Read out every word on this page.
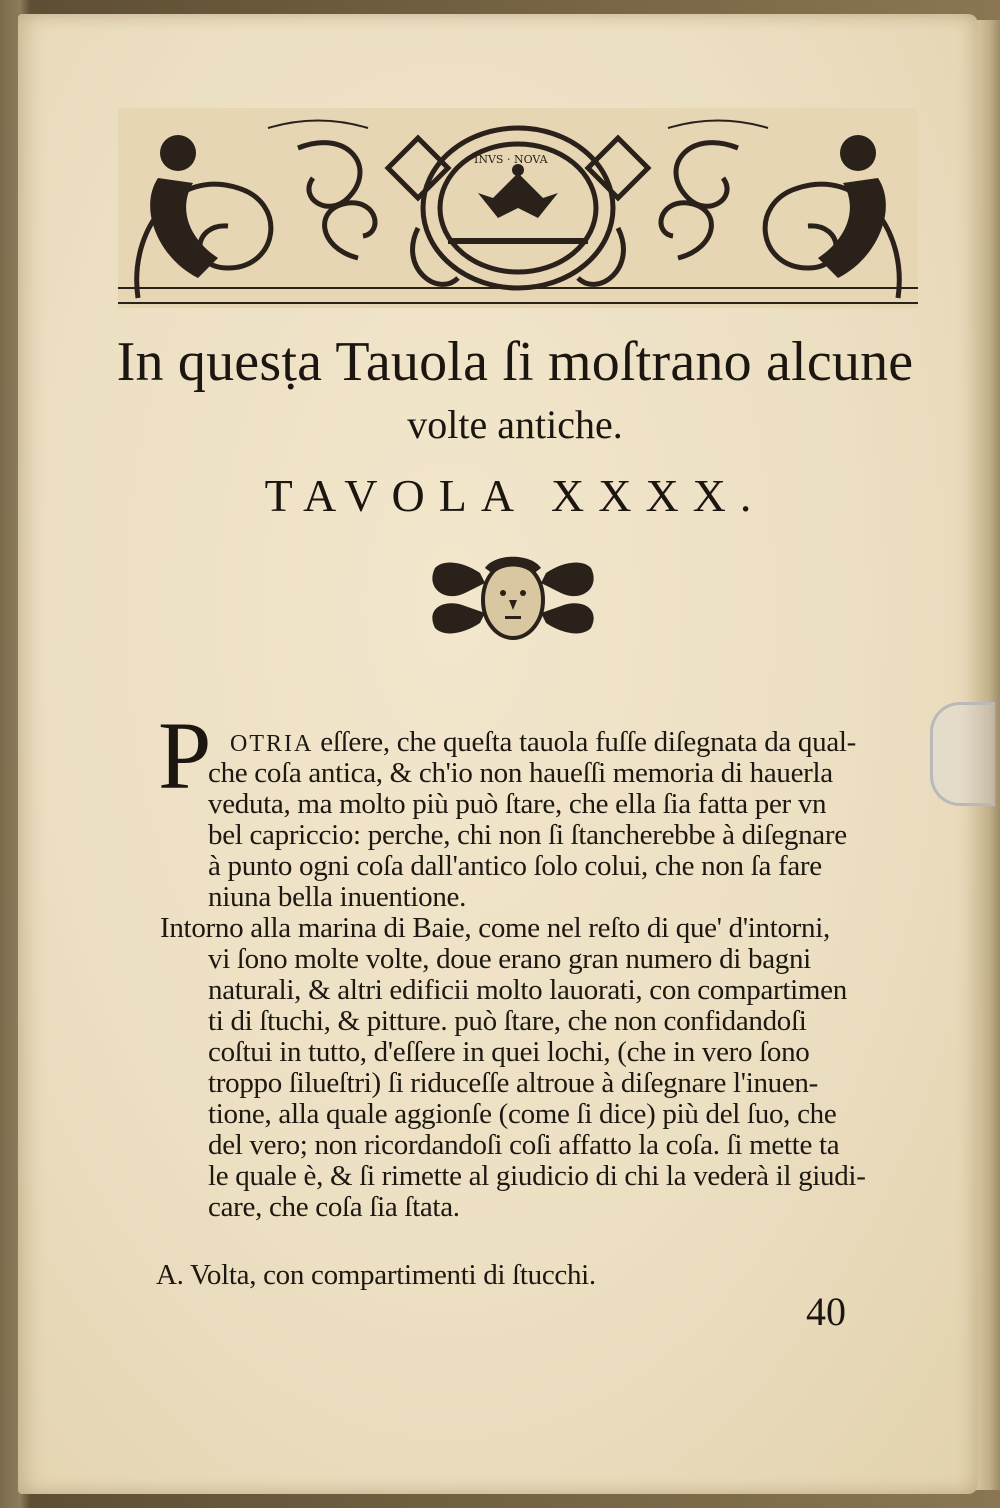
INVS · NOVA
In quesṭa Tauola ſi moſtrano alcune
volte antiche.
TAVOLA XXXX.
P OTRIA eſſere, che queſta tauola fuſſe diſegnata da qual-
che coſa antica, & ch'io non haueſſi memoria di hauerla
veduta, ma molto più può ſtare, che ella ſia fatta per vn
bel capriccio: perche, chi non ſi ſtancherebbe à diſegnare
à punto ogni coſa dall'antico ſolo colui, che non ſa fare
niuna bella inuentione.
Intorno alla marina di Baie, come nel reſto di que' d'intorni,
vi ſono molte volte, doue erano gran numero di bagni
naturali, & altri edificii molto lauorati, con compartimen
ti di ſtuchi, & pitture. può ſtare, che non confidandoſi
coſtui in tutto, d'eſſere in quei lochi, (che in vero ſono
troppo ſilueſtri) ſi riduceſſe altroue à diſegnare l'inuen-
tione, alla quale aggionſe (come ſi dice) più del ſuo, che
del vero; non ricordandoſi coſi affatto la coſa. ſi mette ta
le quale è, & ſi rimette al giudicio di chi la vederà il giudi-
care, che coſa ſia ſtata.
A. Volta, con compartimenti di ſtucchi.
40
